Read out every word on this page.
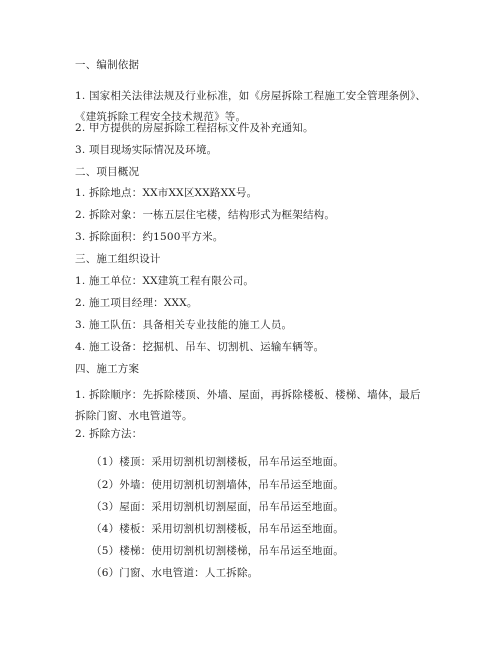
一、编制依据
1. 国家相关法律法规及行业标准，如《房屋拆除工程施工安全管理条例》、《建筑拆除工程安全技术规范》等。
2. 甲方提供的房屋拆除工程招标文件及补充通知。
3. 项目现场实际情况及环境。
二、项目概况
1. 拆除地点：XX市XX区XX路XX号。
2. 拆除对象：一栋五层住宅楼，结构形式为框架结构。
3. 拆除面积：约1500平方米。
三、施工组织设计
1. 施工单位：XX建筑工程有限公司。
2. 施工项目经理：XXX。
3. 施工队伍：具备相关专业技能的施工人员。
4. 施工设备：挖掘机、吊车、切割机、运输车辆等。
四、施工方案
1. 拆除顺序：先拆除楼顶、外墙、屋面，再拆除楼板、楼梯、墙体，最后拆除门窗、水电管道等。
2. 拆除方法：
（1）楼顶：采用切割机切割楼板，吊车吊运至地面。
（2）外墙：使用切割机切割墙体，吊车吊运至地面。
（3）屋面：采用切割机切割屋面，吊车吊运至地面。
（4）楼板：采用切割机切割楼板，吊车吊运至地面。
（5）楼梯：使用切割机切割楼梯，吊车吊运至地面。
（6）门窗、水电管道：人工拆除。
